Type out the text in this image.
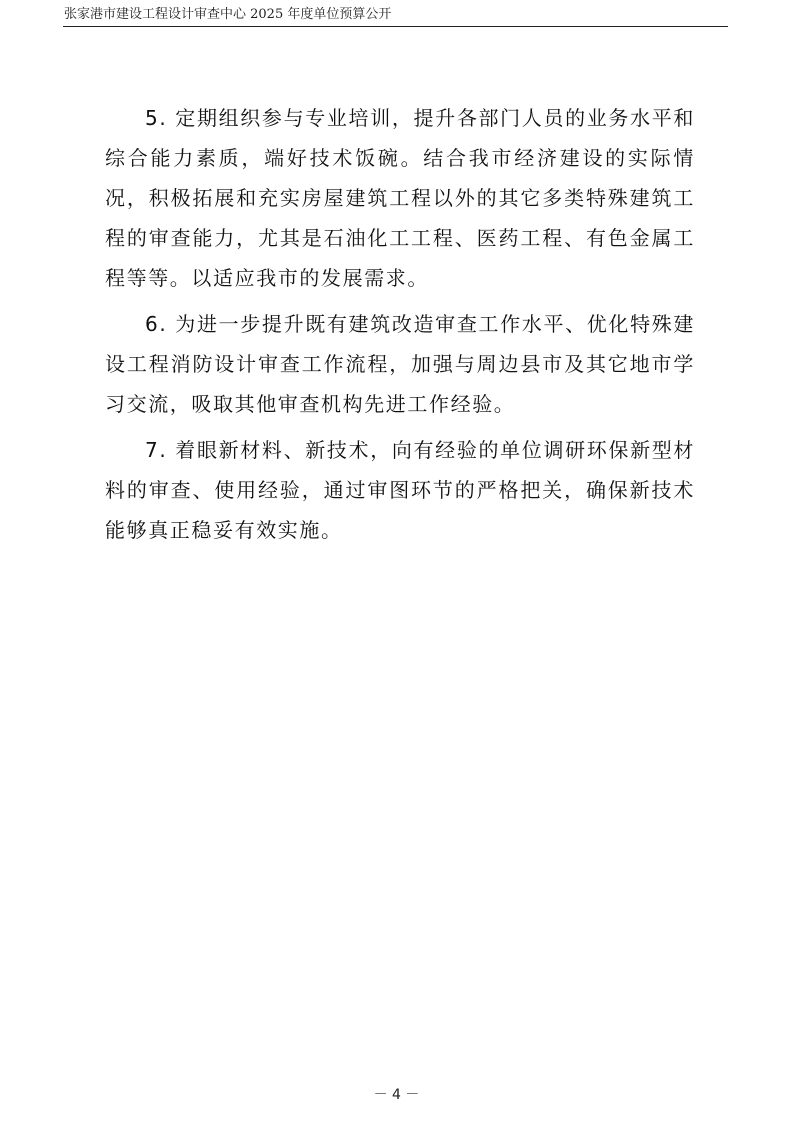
张家港市建设工程设计审查中心 2025 年度单位预算公开

5. 定期组织参与专业培训，提升各部门人员的业务水平和综合能力素质，端好技术饭碗。结合我市经济建设的实际情况，积极拓展和充实房屋建筑工程以外的其它多类特殊建筑工程的审查能力，尤其是石油化工工程、医药工程、有色金属工程等等。以适应我市的发展需求。

6. 为进一步提升既有建筑改造审查工作水平、优化特殊建设工程消防设计审查工作流程，加强与周边县市及其它地市学习交流，吸取其他审查机构先进工作经验。

7. 着眼新材料、新技术，向有经验的单位调研环保新型材料的审查、使用经验，通过审图环节的严格把关，确保新技术能够真正稳妥有效实施。

－ 4 －
